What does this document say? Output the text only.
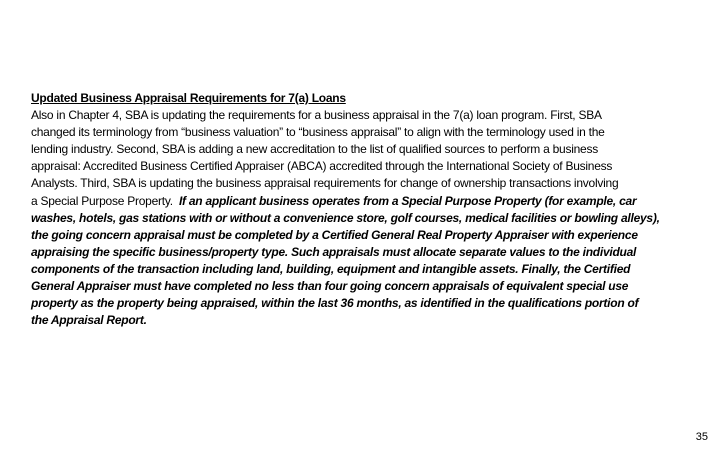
Updated Business Appraisal Requirements for 7(a) Loans
Also in Chapter 4, SBA is updating the requirements for a business appraisal in the 7(a) loan program. First, SBA
changed its terminology from “business valuation” to “business appraisal” to align with the terminology used in the
lending industry. Second, SBA is adding a new accreditation to the list of qualified sources to perform a business
appraisal: Accredited Business Certified Appraiser (ABCA) accredited through the International Society of Business
Analysts. Third, SBA is updating the business appraisal requirements for change of ownership transactions involving
a Special Purpose Property.  If an applicant business operates from a Special Purpose Property (for example, car
washes, hotels, gas stations with or without a convenience store, golf courses, medical facilities or bowling alleys),
the going concern appraisal must be completed by a Certified General Real Property Appraiser with experience
appraising the specific business/property type. Such appraisals must allocate separate values to the individual
components of the transaction including land, building, equipment and intangible assets. Finally, the Certified
General Appraiser must have completed no less than four going concern appraisals of equivalent special use
property as the property being appraised, within the last 36 months, as identified in the qualifications portion of
the Appraisal Report.
35
